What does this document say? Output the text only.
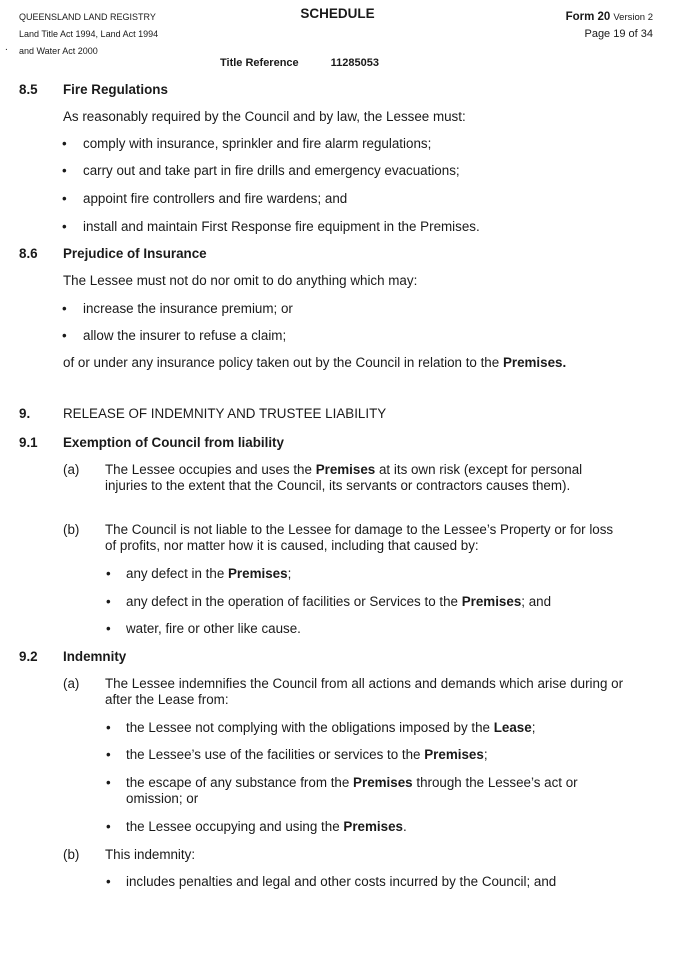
QUEENSLAND LAND REGISTRY
Land Title Act 1994, Land Act 1994
and Water Act 2000
.
SCHEDULE	Form 20 Version 2
Page 19 of 34
Title Reference	11285053
8.5 Fire Regulations
As reasonably required by the Council and by law, the Lessee must:
comply with insurance, sprinkler and fire alarm regulations;
carry out and take part in fire drills and emergency evacuations;
appoint fire controllers and fire wardens; and
install and maintain First Response fire equipment in the Premises.
8.6 Prejudice of Insurance
The Lessee must not do nor omit to do anything which may:
increase the insurance premium; or
allow the insurer to refuse a claim;
of or under any insurance policy taken out by the Council in relation to the Premises.
9. RELEASE OF INDEMNITY AND TRUSTEE LIABILITY
9.1 Exemption of Council from liability
(a) The Lessee occupies and uses the Premises at its own risk (except for personal
injuries to the extent that the Council, its servants or contractors causes them).
(b) The Council is not liable to the Lessee for damage to the Lessee’s Property or for loss
of profits, nor matter how it is caused, including that caused by:
any defect in the Premises;
any defect in the operation of facilities or Services to the Premises; and
water, fire or other like cause.
9.2 Indemnity
(a) The Lessee indemnifies the Council from all actions and demands which arise during or
after the Lease from:
the Lessee not complying with the obligations imposed by the Lease;
the Lessee’s use of the facilities or services to the Premises;
the escape of any substance from the Premises through the Lessee’s act or
omission; or
the Lessee occupying and using the Premises.
(b) This indemnity:
includes penalties and legal and other costs incurred by the Council; and
